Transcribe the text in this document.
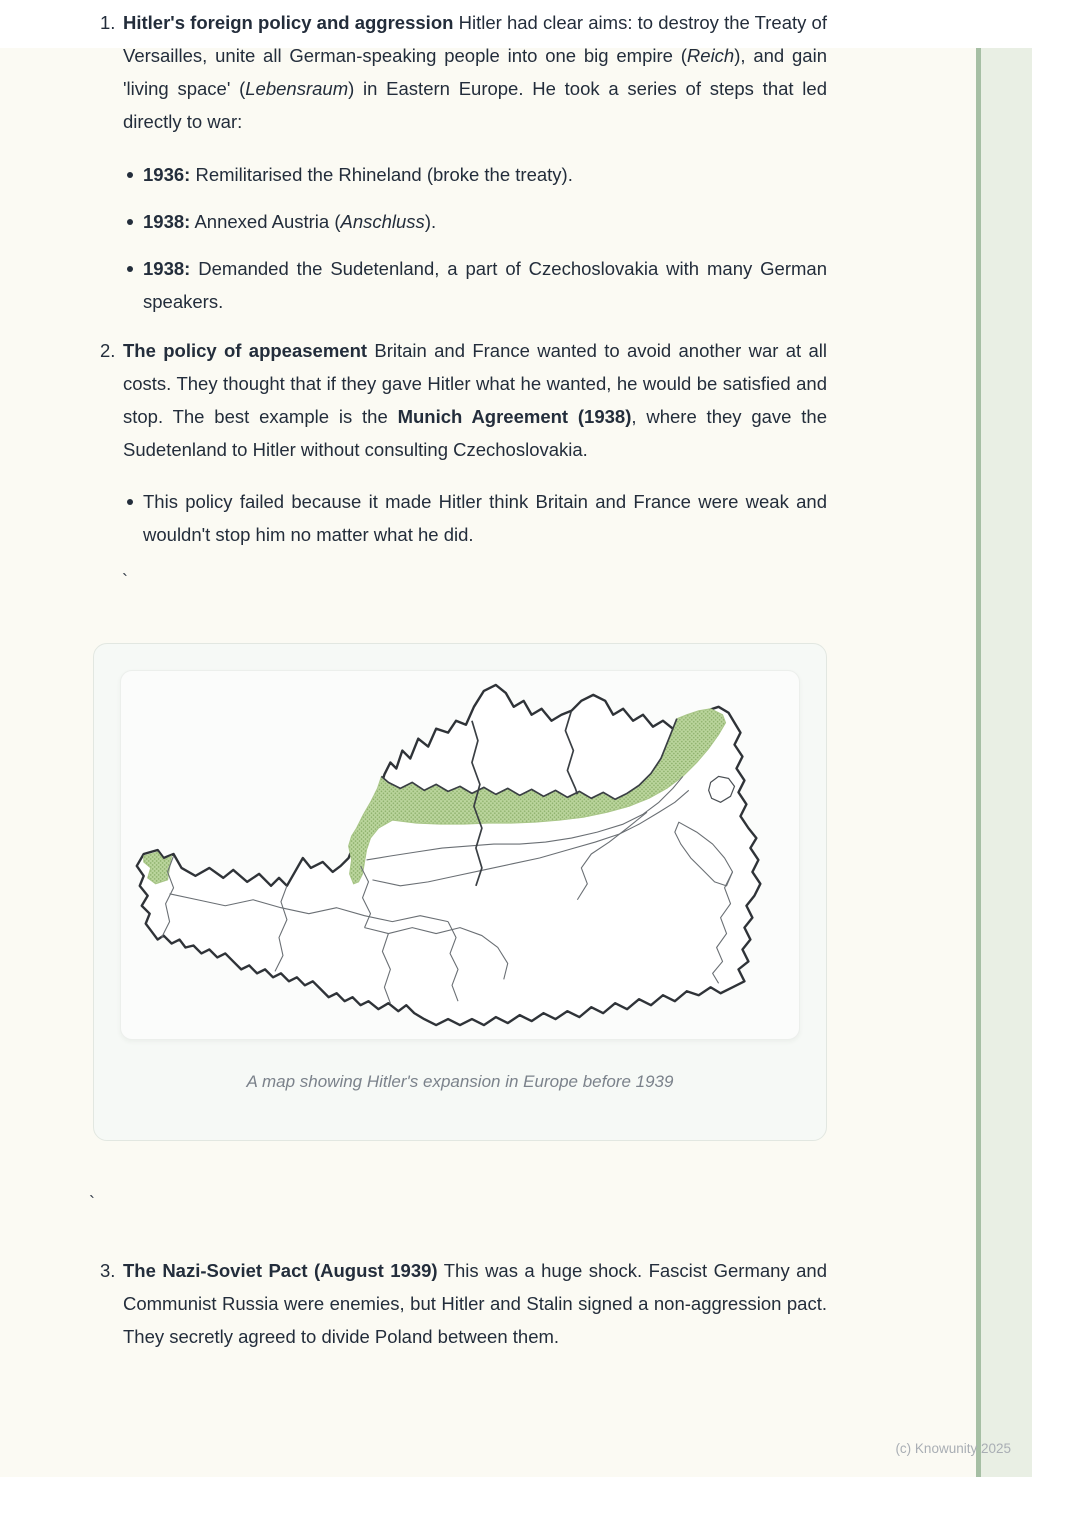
1. Hitler's foreign policy and aggression Hitler had clear aims: to destroy the Treaty of Versailles, unite all German-speaking people into one big empire (Reich), and gain 'living space' (Lebensraum) in Eastern Europe. He took a series of steps that led directly to war:
1936: Remilitarised the Rhineland (broke the treaty).
1938: Annexed Austria (Anschluss).
1938: Demanded the Sudetenland, a part of Czechoslovakia with many German speakers.
2. The policy of appeasement Britain and France wanted to avoid another war at all costs. They thought that if they gave Hitler what he wanted, he would be satisfied and stop. The best example is the Munich Agreement (1938), where they gave the Sudetenland to Hitler without consulting Czechoslovakia.
This policy failed because it made Hitler think Britain and France were weak and wouldn't stop him no matter what he did.
`
A map showing Hitler's expansion in Europe before 1939
`
3. The Nazi-Soviet Pact (August 1939) This was a huge shock. Fascist Germany and Communist Russia were enemies, but Hitler and Stalin signed a non-aggression pact. They secretly agreed to divide Poland between them.
(c) Knowunity 2025
